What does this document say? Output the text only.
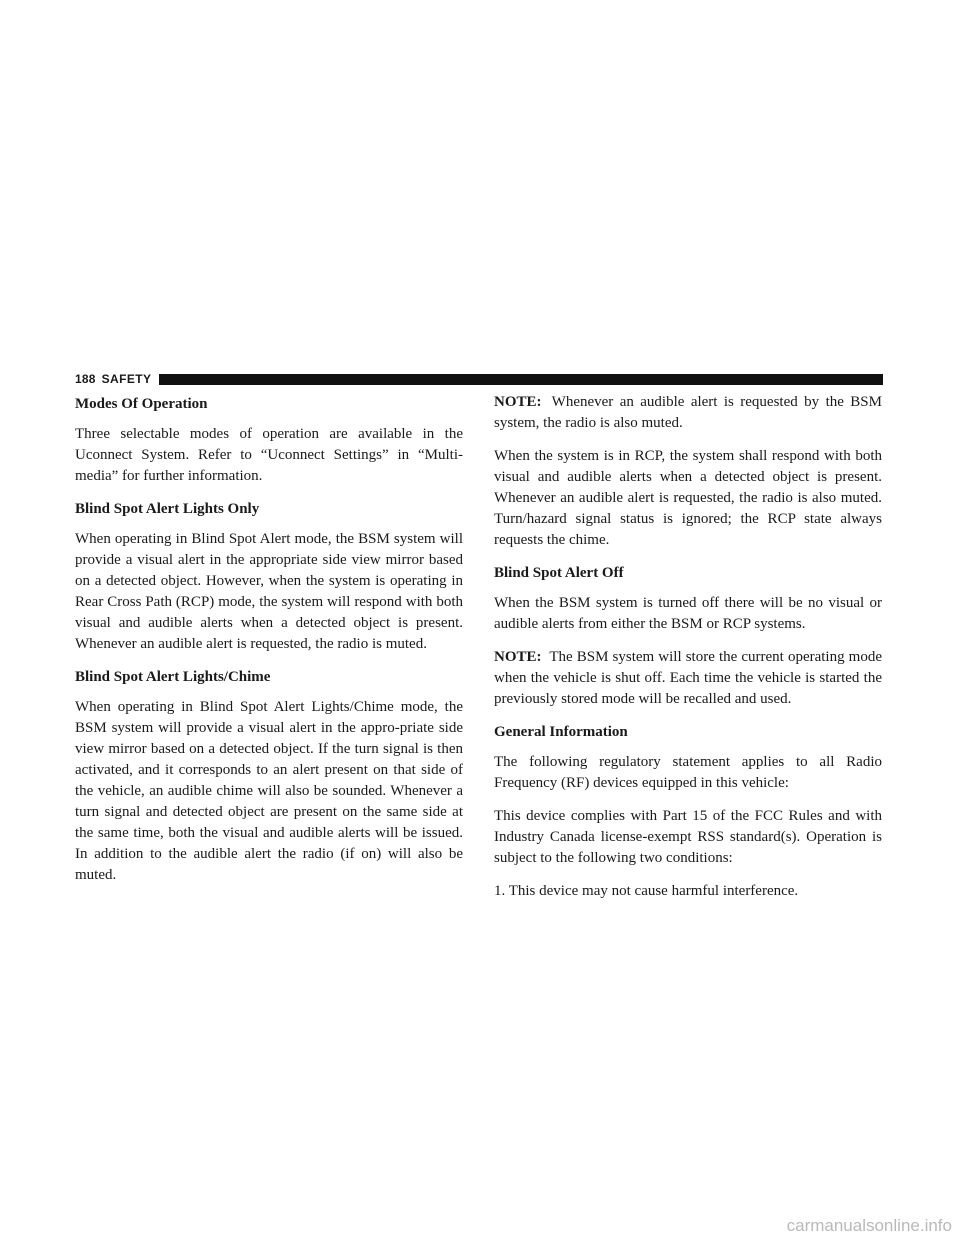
188 SAFETY
Modes Of Operation

Three selectable modes of operation are available in the Uconnect System. Refer to “Uconnect Settings” in “Multi-media” for further information.

Blind Spot Alert Lights Only

When operating in Blind Spot Alert mode, the BSM system will provide a visual alert in the appropriate side view mirror based on a detected object. However, when the system is operating in Rear Cross Path (RCP) mode, the system will respond with both visual and audible alerts when a detected object is present. Whenever an audible alert is requested, the radio is muted.

Blind Spot Alert Lights/Chime

When operating in Blind Spot Alert Lights/Chime mode, the BSM system will provide a visual alert in the appro-priate side view mirror based on a detected object. If the turn signal is then activated, and it corresponds to an alert present on that side of the vehicle, an audible chime will also be sounded. Whenever a turn signal and detected object are present on the same side at the same time, both the visual and audible alerts will be issued. In addition to the audible alert the radio (if on) will also be muted.

NOTE: Whenever an audible alert is requested by the BSM system, the radio is also muted.

When the system is in RCP, the system shall respond with both visual and audible alerts when a detected object is present. Whenever an audible alert is requested, the radio is also muted. Turn/hazard signal status is ignored; the RCP state always requests the chime.

Blind Spot Alert Off

When the BSM system is turned off there will be no visual or audible alerts from either the BSM or RCP systems.

NOTE: The BSM system will store the current operating mode when the vehicle is shut off. Each time the vehicle is started the previously stored mode will be recalled and used.

General Information

The following regulatory statement applies to all Radio Frequency (RF) devices equipped in this vehicle:

This device complies with Part 15 of the FCC Rules and with Industry Canada license-exempt RSS standard(s). Operation is subject to the following two conditions:

1. This device may not cause harmful interference.

carmanualsonline.info
